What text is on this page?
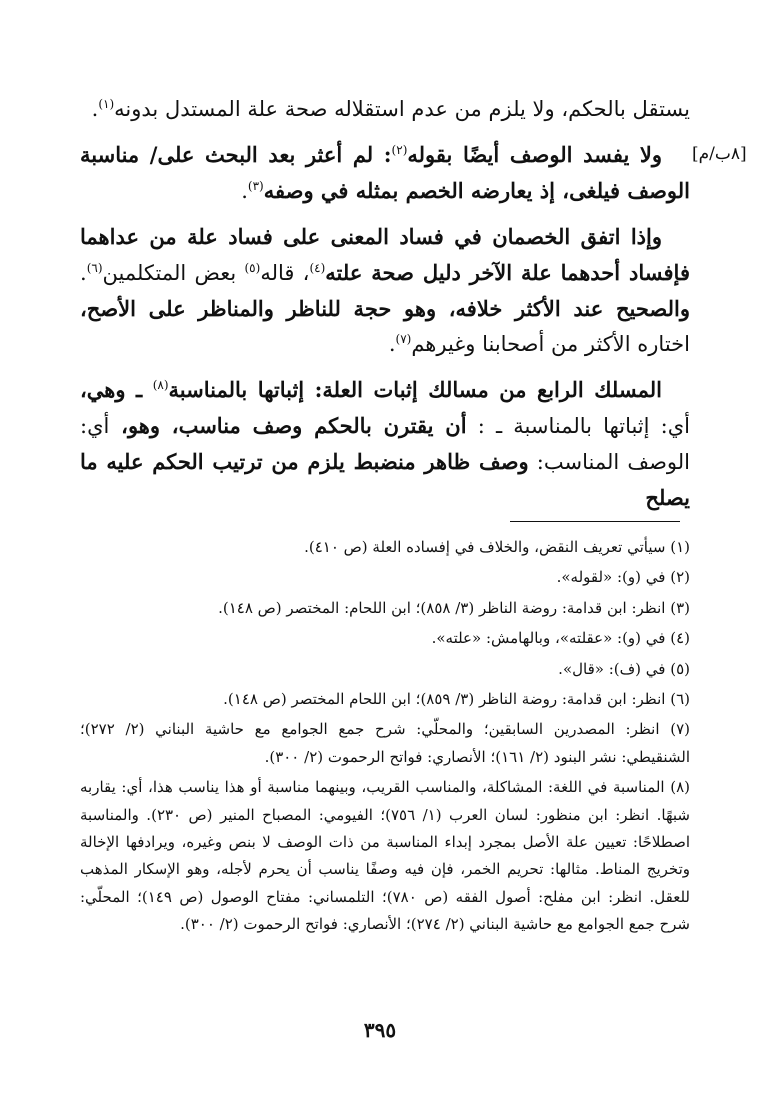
يستقل بالحكم، ولا يلزم من عدم استقلاله صحة علة المستدل بدونه$^{(١)}$.

ولا يفسد الوصف أيضًا بقوله$^{(٢)}$: لم أعثر بعد البحث على/ مناسبة الوصف فيلغى، إذ يعارضه الخصم بمثله في وصفه$^{(٣)}$.

وإذا اتفق الخصمان في فساد المعنى على فساد علة من عداهما فإفساد أحدهما علة الآخر دليل صحة علته$^{(٤)}$، قاله$^{(٥)}$ بعض المتكلمين$^{(٦)}$. والصحيح عند الأكثر خلافه، وهو حجة للناظر والمناظر على الأصح، اختاره الأكثر من أصحابنا وغيرهم$^{(٧)}$.

المسلك الرابع من مسالك إثبات العلة: إثباتها بالمناسبة$^{(٨)}$ ـ وهي، أي: إثباتها بالمناسبة ـ : أن يقترن بالحكم وصف مناسب، وهو، أي: الوصف المناسب: وصف ظاهر منضبط يلزم من ترتيب الحكم عليه ما يصلح

[٨ب/م]

(١) سيأتي تعريف النقض، والخلاف في إفساده العلة (ص ٤١٠).

(٢) في (و): «لقوله».

(٣) انظر: ابن قدامة: روضة الناظر (٣/ ٨٥٨)؛ ابن اللحام: المختصر (ص ١٤٨).

(٤) في (و): «عقلته»، وبالهامش: «علته».

(٥) في (ف): «قال».

(٦) انظر: ابن قدامة: روضة الناظر (٣/ ٨٥٩)؛ ابن اللحام المختصر (ص ١٤٨).

(٧) انظر: المصدرين السابقين؛ والمحلّي: شرح جمع الجوامع مع حاشية البناني (٢/ ٢٧٢)؛ الشنقيطي: نشر البنود (٢/ ١٦١)؛ الأنصاري: فواتح الرحموت (٢/ ٣٠٠).

(٨) المناسبة في اللغة: المشاكلة، والمناسب القريب، وبينهما مناسبة أو هذا يناسب هذا، أي: يقاربه شبهًا. انظر: ابن منظور: لسان العرب (١/ ٧٥٦)؛ الفيومي: المصباح المنير (ص ٢٣٠). والمناسبة اصطلاحًا: تعيين علة الأصل بمجرد إبداء المناسبة من ذات الوصف لا بنص وغيره، ويرادفها الإخالة وتخريج المناط. مثالها: تحريم الخمر، فإن فيه وصفًا يناسب أن يحرم لأجله، وهو الإسكار المذهب للعقل. انظر: ابن مفلح: أصول الفقه (ص ٧٨٠)؛ التلمساني: مفتاح الوصول (ص ١٤٩)؛ المحلّي: شرح جمع الجوامع مع حاشية البناني (٢/ ٢٧٤)؛ الأنصاري: فواتح الرحموت (٢/ ٣٠٠).

٣٩٥
